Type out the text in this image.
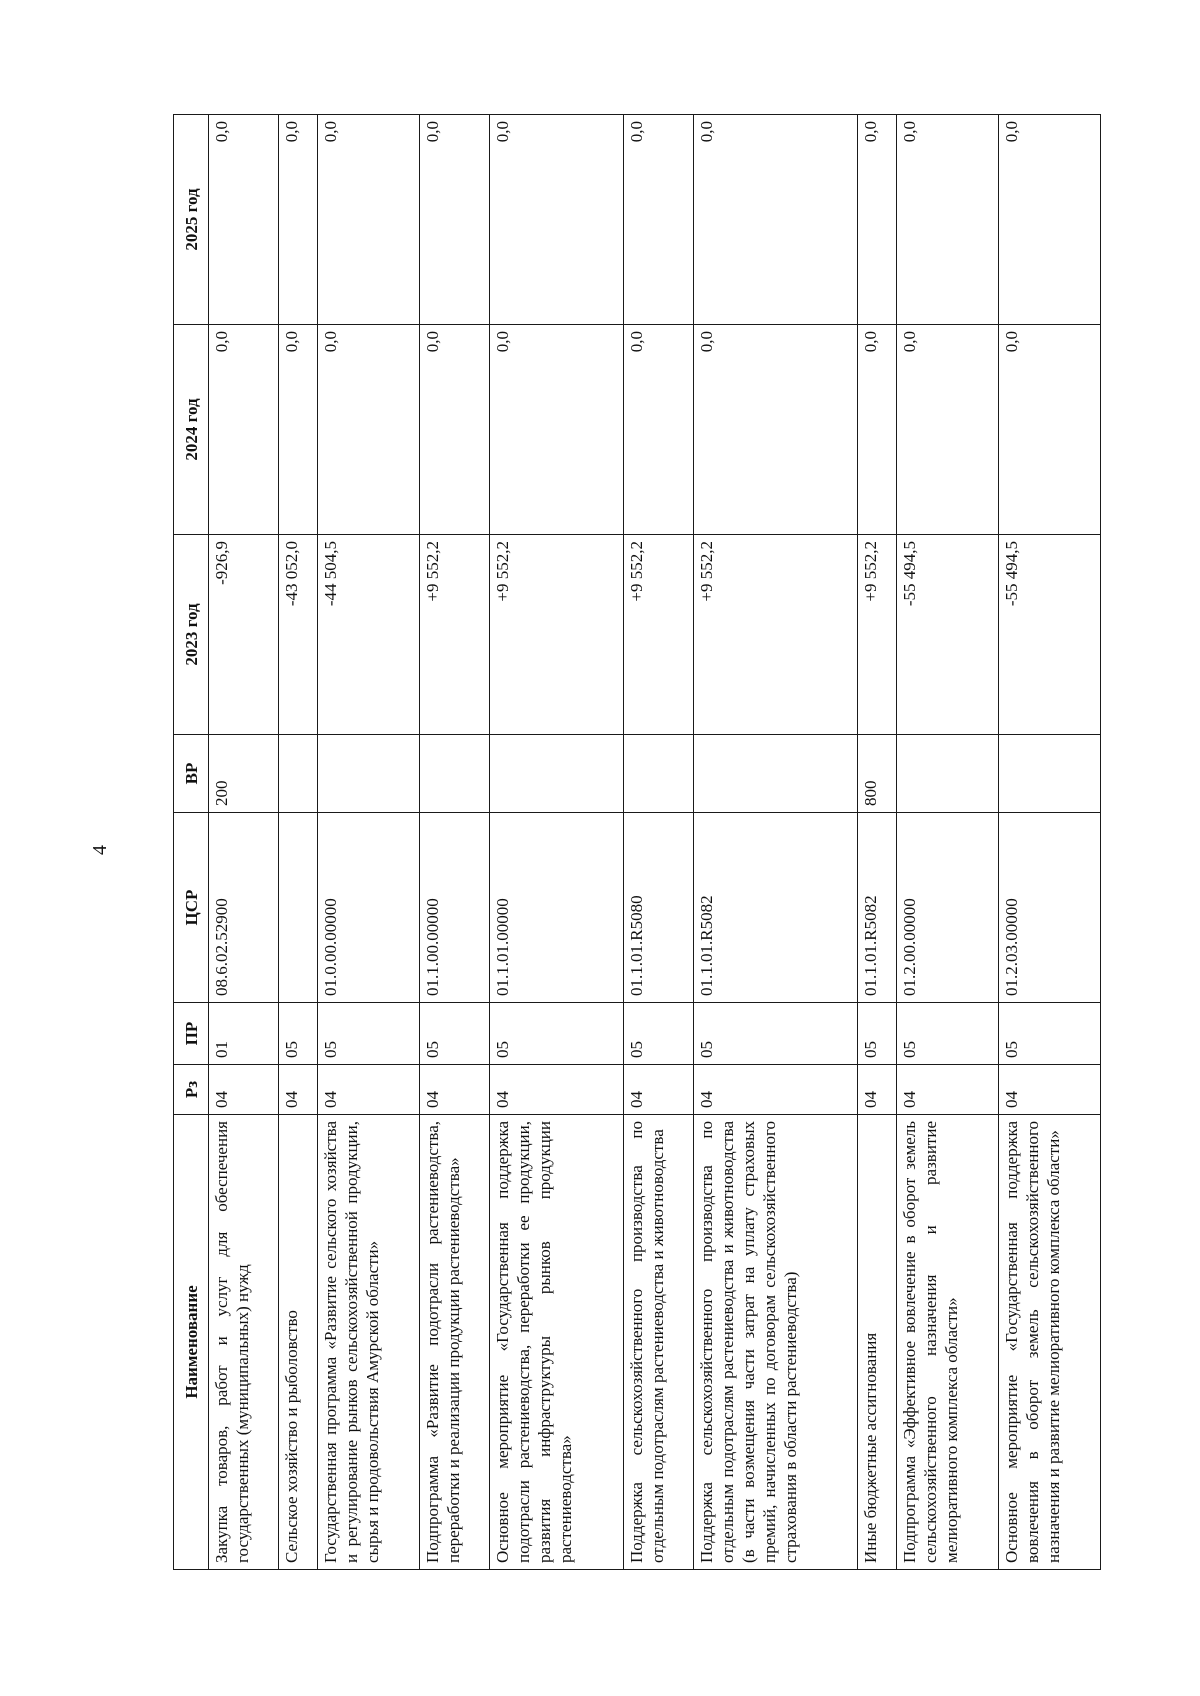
4
Наименование	Рз	ПР	ЦСР	ВР	2023 год	2024 год	2025 год
Закупка товаров, работ и услуг для обеспечения государственных (муниципальных) нужд	04	01	08.6.02.52900	200	-926,9	0,0	0,0
Сельское хозяйство и рыболовство	04	05			-43 052,0	0,0	0,0
Государственная программа «Развитие сельского хозяйства и регулирование рынков сельскохозяйственной продукции, сырья и продовольствия Амурской области»	04	05	01.0.00.00000		-44 504,5	0,0	0,0
Подпрограмма «Развитие подотрасли растениеводства, переработки и реализации продукции растениеводства»	04	05	01.1.00.00000		+9 552,2	0,0	0,0
Основное мероприятие «Государственная поддержка подотрасли растениеводства, переработки ее продукции, развития инфраструктуры рынков продукции растениеводства»	04	05	01.1.01.00000		+9 552,2	0,0	0,0
Поддержка сельскохозяйственного производства по отдельным подотраслям растениеводства и животноводства	04	05	01.1.01.R5080		+9 552,2	0,0	0,0
Поддержка сельскохозяйственного производства по отдельным подотраслям растениеводства и животноводства (в части возмещения части затрат на уплату страховых премий, начисленных по договорам сельскохозяйственного страхования в области растениеводства)	04	05	01.1.01.R5082		+9 552,2	0,0	0,0
Иные бюджетные ассигнования	04	05	01.1.01.R5082	800	+9 552,2	0,0	0,0
Подпрограмма «Эффективное вовлечение в оборот земель сельскохозяйственного назначения и развитие мелиоративного комплекса области»	04	05	01.2.00.00000		-55 494,5	0,0	0,0
Основное мероприятие «Государственная поддержка вовлечения в оборот земель сельскохозяйственного назначения и развитие мелиоративного комплекса области»	04	05	01.2.03.00000		-55 494,5	0,0	0,0
